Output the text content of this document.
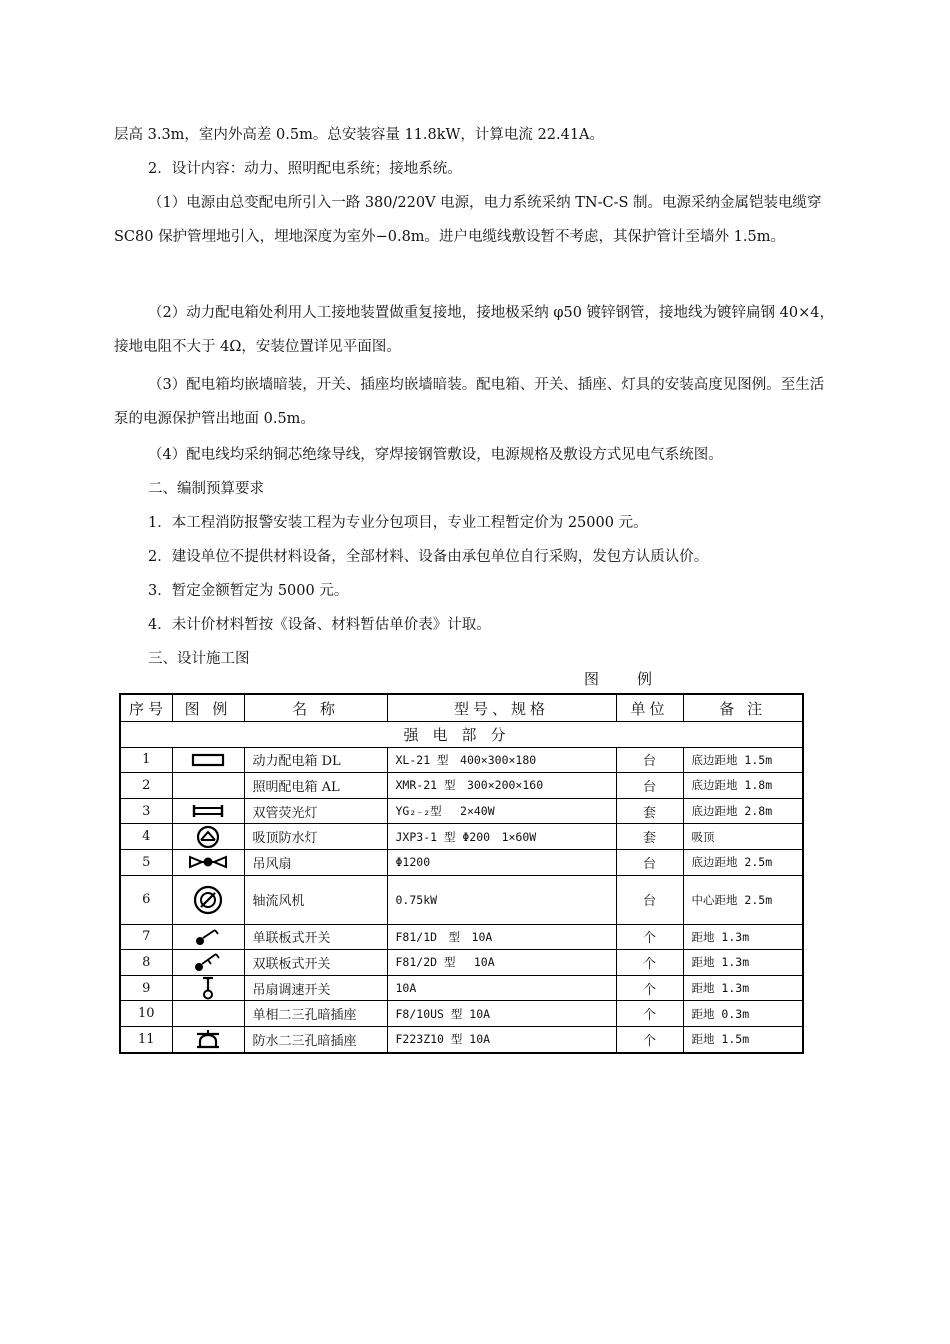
层高 3.3m，室内外高差 0.5m。总安装容量 11.8kW，计算电流 22.41A。

2．设计内容：动力、照明配电系统；接地系统。

（1）电源由总变配电所引入一路 380/220V 电源，电力系统采纳 TN-C-S 制。电源采纳金属铠装电缆穿 SC80 保护管埋地引入，埋地深度为室外−0.8m。进户电缆线敷设暂不考虑，其保护管计至墙外 1.5m。

（2）动力配电箱处利用人工接地装置做重复接地，接地极采纳 φ50 镀锌钢管，接地线为镀锌扁钢 40×4，接地电阻不大于 4Ω，安装位置详见平面图。

（3）配电箱均嵌墙暗装，开关、插座均嵌墙暗装。配电箱、开关、插座、灯具的安装高度见图例。至生活泵的电源保护管出地面 0.5m。

（4）配电线均采纳铜芯绝缘导线，穿焊接钢管敷设，电源规格及敷设方式见电气系统图。

二、编制预算要求

1．本工程消防报警安装工程为专业分包项目，专业工程暂定价为 25000 元。

2．建设单位不提供材料设备，全部材料、设备由承包单位自行采购，发包方认质认价。

3．暂定金额暂定为 5000 元。

4．未计价材料暂按《设备、材料暂估单价表》计取。

三、设计施工图

图例
序号	图 例	名 称	型号、规格	单位	备 注
强电部分					
1		动力配电箱 DL	XL-21 型　400×300×180	台	底边距地 1.5m
2		照明配电箱 AL	XMR-21 型　300×200×160	台	底边距地 1.8m
3		双管荧光灯	YG₂₋₂型　 2×40W	套	底边距地 2.8m
4		吸顶防水灯	JXP3-1 型 Φ200　1×60W	套	吸顶
5		吊风扇	Φ1200	台	底边距地 2.5m
6		轴流风机	0.75kW	台	中心距地 2.5m
7		单联板式开关	F81/1D　型　10A	个	距地 1.3m
8		双联板式开关	F81/2D 型　 10A	个	距地 1.3m
9		吊扇调速开关	10A	个	距地 1.3m
10		单相二三孔暗插座	F8/10US 型 10A	个	距地 0.3m
11		防水二三孔暗插座	F223Z10 型 10A	个	距地 1.5m
